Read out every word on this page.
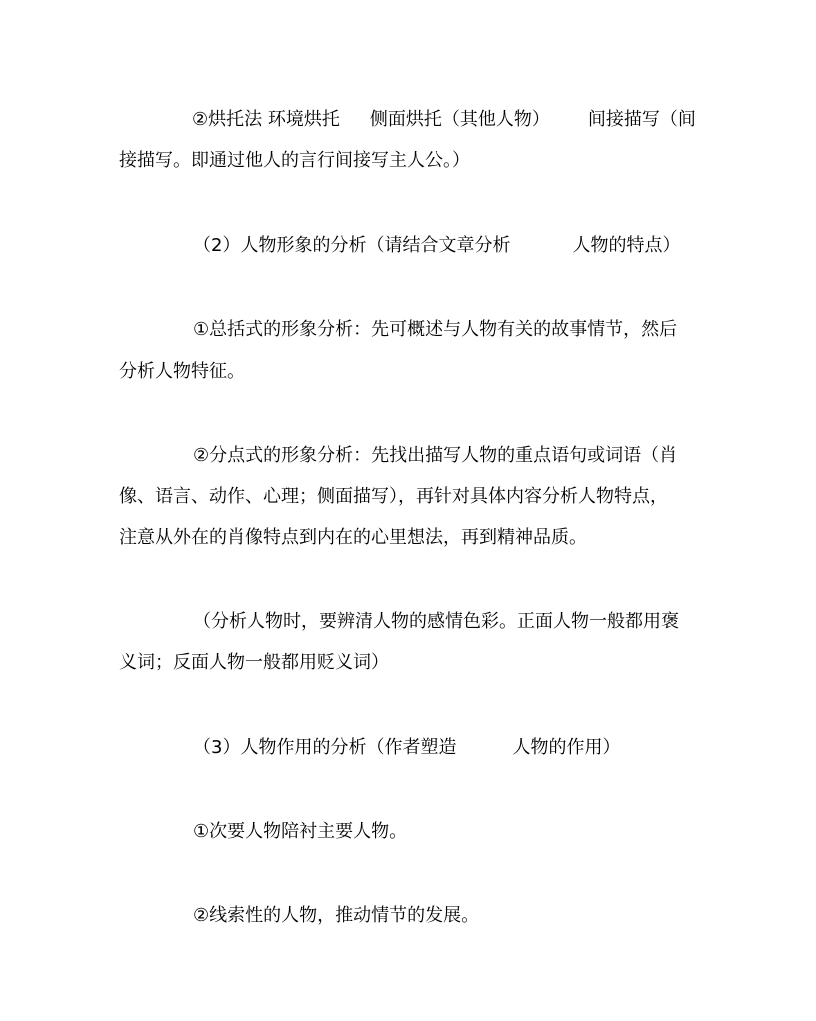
②烘托法 环境烘托 侧面烘托（其他人物） 间接描写（间
接描写。即通过他人的言行间接写主人公。）
（2）人物形象的分析（请结合文章分析	人物的特点）
①总括式的形象分析：先可概述与人物有关的故事情节，然后
分析人物特征。
②分点式的形象分析：先找出描写人物的重点语句或词语（肖
像、语言、动作、心理；侧面描写），再针对具体内容分析人物特点，
注意从外在的肖像特点到内在的心里想法，再到精神品质。
（分析人物时，要辨清人物的感情色彩。正面人物一般都用褒
义词；反面人物一般都用贬义词）
（3）人物作用的分析（作者塑造	人物的作用）
①次要人物陪衬主要人物。
②线索性的人物，推动情节的发展。
